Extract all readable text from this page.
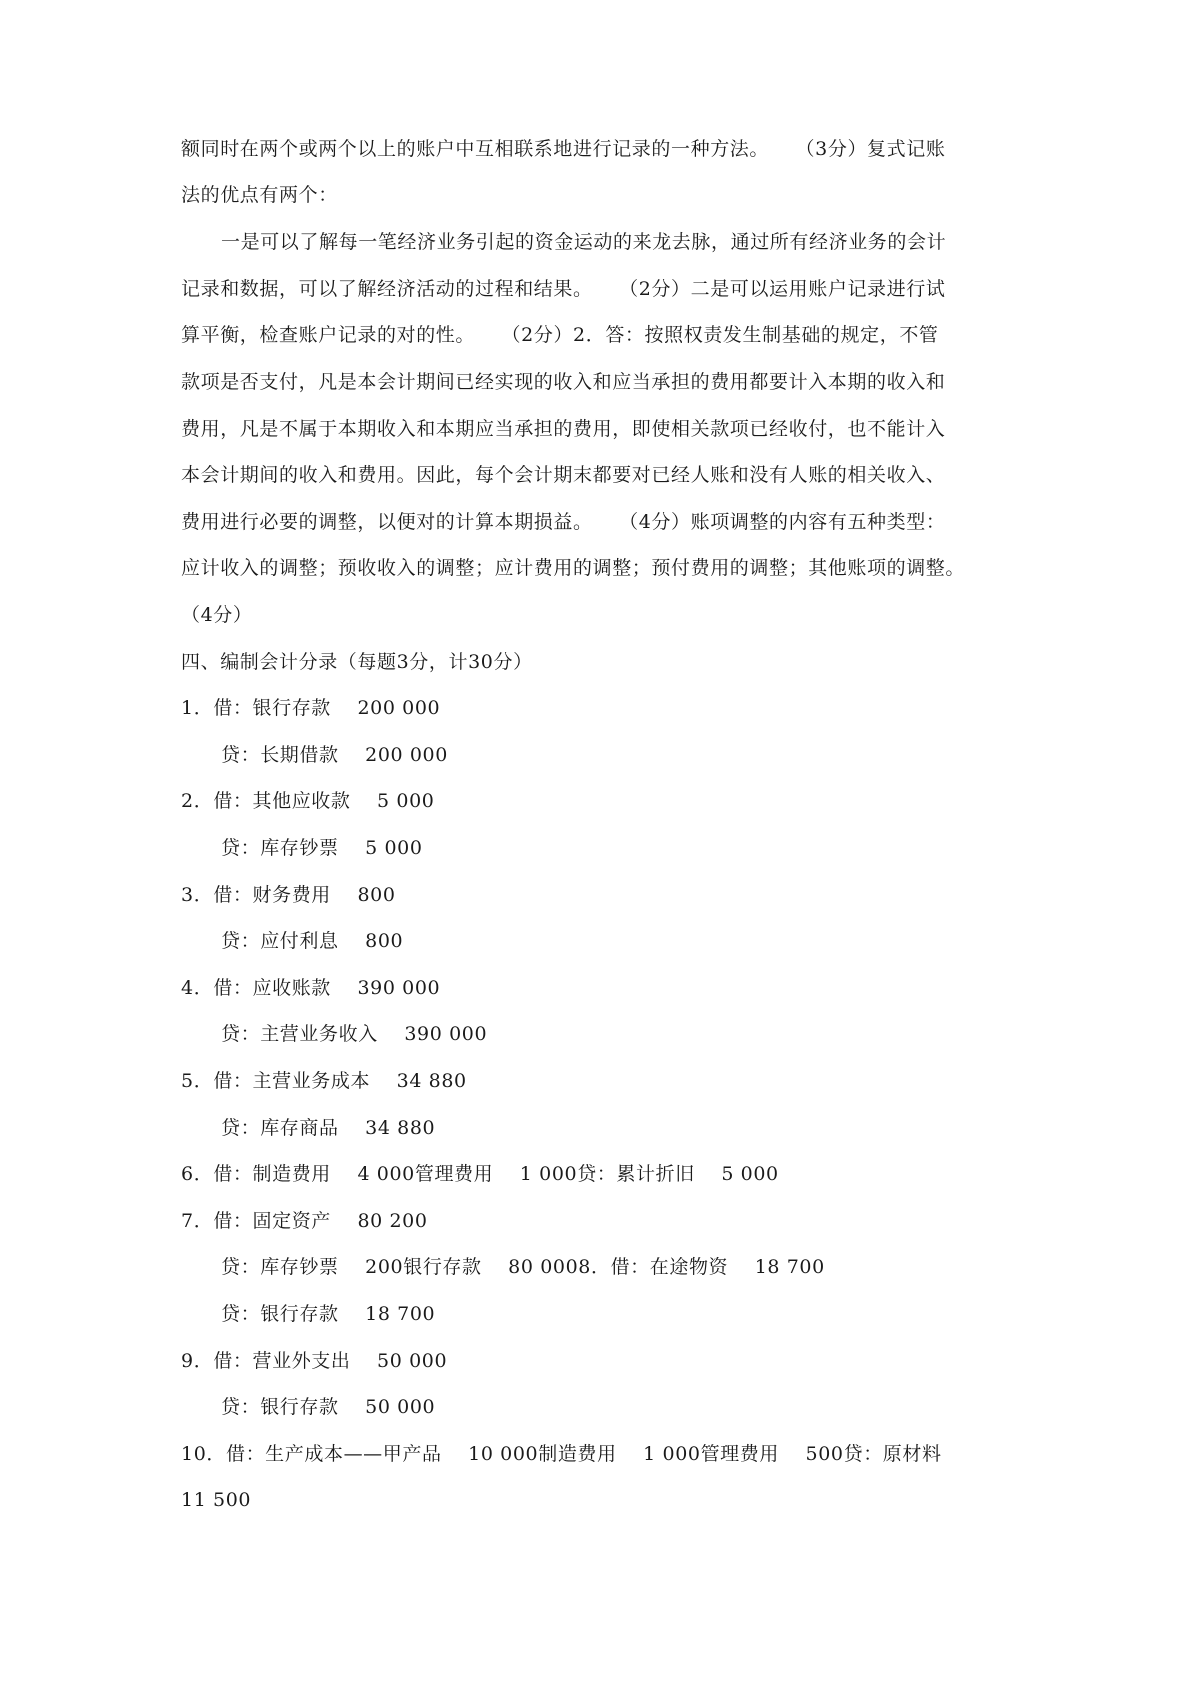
额同时在两个或两个以上的账户中互相联系地进行记录的一种方法。    （3分）复式记账
法的优点有两个：
一是可以了解每一笔经济业务引起的资金运动的来龙去脉，通过所有经济业务的会计
记录和数据，可以了解经济活动的过程和结果。    （2分）二是可以运用账户记录进行试
算平衡，检查账户记录的对的性。    （2分）2．答：按照权责发生制基础的规定，不管
款项是否支付，凡是本会计期间已经实现的收入和应当承担的费用都要计入本期的收入和
费用，凡是不属于本期收入和本期应当承担的费用，即使相关款项已经收付，也不能计入
本会计期间的收入和费用。因此，每个会计期末都要对已经人账和没有人账的相关收入、
费用进行必要的调整，以便对的计算本期损益。    （4分）账项调整的内容有五种类型：
应计收入的调整；预收收入的调整；应计费用的调整；预付费用的调整；其他账项的调整。
（4分）
四、编制会计分录（每题3分，计30分）
1．借：银行存款    200 000
贷：长期借款    200 000
2．借：其他应收款    5 000
贷：库存钞票    5 000
3．借：财务费用    800
贷：应付利息    800
4．借：应收账款    390 000
贷：主营业务收入    390 000
5．借：主营业务成本    34 880
贷：库存商品    34 880
6．借：制造费用    4 000管理费用    1 000贷：累计折旧    5 000
7．借：固定资产    80 200
贷：库存钞票    200银行存款    80 0008．借：在途物资    18 700
贷：银行存款    18 700
9．借：营业外支出    50 000
贷：银行存款    50 000
10．借：生产成本——甲产品    10 000制造费用    1 000管理费用    500贷：原材料
11 500
